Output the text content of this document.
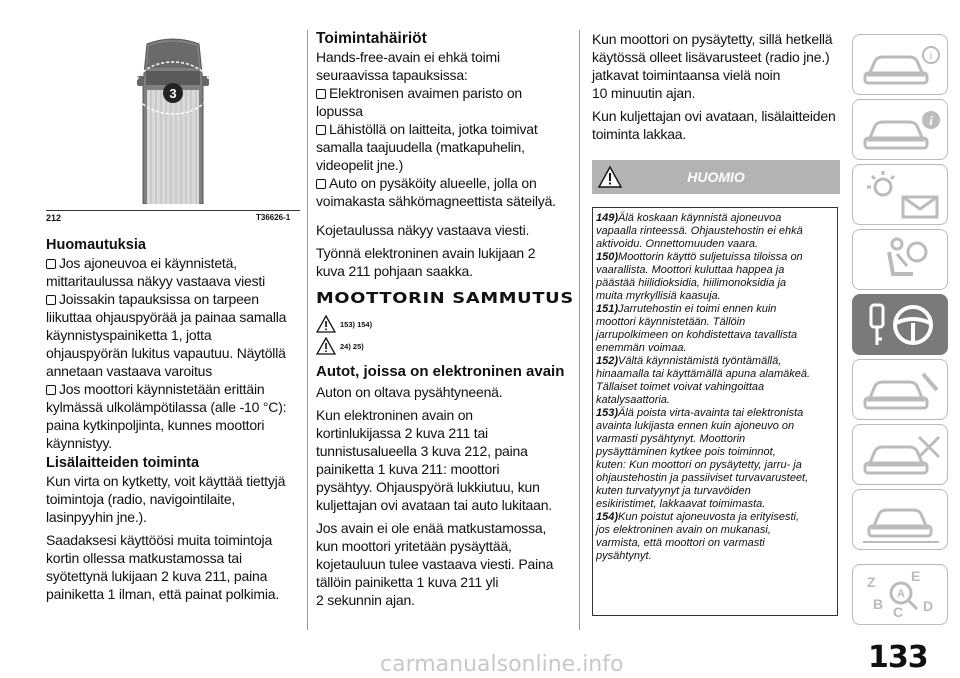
3
212	T36626-1
Huomautuksia

Jos ajoneuvoa ei käynnistetä,

mittaritaulussa näkyy vastaava viesti

Joissakin tapauksissa on tarpeen

liikuttaa ohjauspyörää ja painaa samalla

käynnistyspainiketta 1, jotta

ohjauspyörän lukitus vapautuu. Näytöllä

annetaan vastaava varoitus

Jos moottori käynnistetään erittäin

kylmässä ulkolämpötilassa (alle -10 °C):

paina kytkinpoljinta, kunnes moottori

käynnistyy.

Lisälaitteiden toiminta

Kun virta on kytketty, voit käyttää tiettyjä

toimintoja (radio, navigointilaite,

lasinpyyhin jne.).

Saadaksesi käyttöösi muita toimintoja

kortin ollessa matkustamossa tai

syötettynä lukijaan 2 kuva 211, paina

painiketta 1 ilman, että painat polkimia.

Toimintahäiriöt

Hands-free-avain ei ehkä toimi

seuraavissa tapauksissa:

Elektronisen avaimen paristo on

lopussa

Lähistöllä on laitteita, jotka toimivat

samalla taajuudella (matkapuhelin,

videopelit jne.)

Auto on pysäköity alueelle, jolla on

voimakasta sähkömagneettista säteilyä.

Kojetaulussa näkyy vastaava viesti.

Työnnä elektroninen avain lukijaan 2

kuva 211 pohjaan saakka.

MOOTTORIN SAMMUTUS
153) 154)
24) 25)
Autot, joissa on elektroninen avain

Auton on oltava pysähtyneenä.

Kun elektroninen avain on

kortinlukijassa 2 kuva 211 tai

tunnistusalueella 3 kuva 212, paina

painiketta 1 kuva 211: moottori

pysähtyy. Ohjauspyörä lukkiutuu, kun

kuljettajan ovi avataan tai auto lukitaan.

Jos avain ei ole enää matkustamossa,

kun moottori yritetään pysäyttää,

kojetauluun tulee vastaava viesti. Paina

tällöin painiketta 1 kuva 211 yli

2 sekunnin ajan.

Kun moottori on pysäytetty, sillä hetkellä

käytössä olleet lisävarusteet (radio jne.)

jatkavat toimintaansa vielä noin

10 minuutin ajan.

Kun kuljettajan ovi avataan, lisälaitteiden

toiminta lakkaa.

HUOMIO
149)Älä koskaan käynnistä ajoneuvoa
vapaalla rinteessä. Ohjaustehostin ei ehkä
aktivoidu. Onnettomuuden vaara.
150)Moottorin käyttö suljetuissa tiloissa on
vaarallista. Moottori kuluttaa happea ja
päästää hiilidioksidia, hiilimonoksidia ja
muita myrkyllisiä kaasuja.
151)Jarrutehostin ei toimi ennen kuin
moottori käynnistetään. Tällöin
jarrupolkimeen on kohdistettava tavallista
enemmän voimaa.
152)Vältä käynnistämistä työntämällä,
hinaamalla tai käyttämällä apuna alamäkeä.
Tällaiset toimet voivat vahingoittaa
katalysaattoria.
153)Älä poista virta-avainta tai elektronista
avainta lukijasta ennen kuin ajoneuvo on
varmasti pysähtynyt. Moottorin
pysäyttäminen kytkee pois toiminnot,
kuten: Kun moottori on pysäytetty, jarru- ja
ohjaustehostin ja passiiviset turvavarusteet,
kuten turvatyynyt ja turvavöiden
esikiristimet, lakkaavat toimimasta.
154)Kun poistut ajoneuvosta ja erityisesti,
jos elektroninen avain on mukanasi,
varmista, että moottori on varmasti
pysähtynyt.
i
i
Z	E
B C D
A
133
carmanualsonline.info
